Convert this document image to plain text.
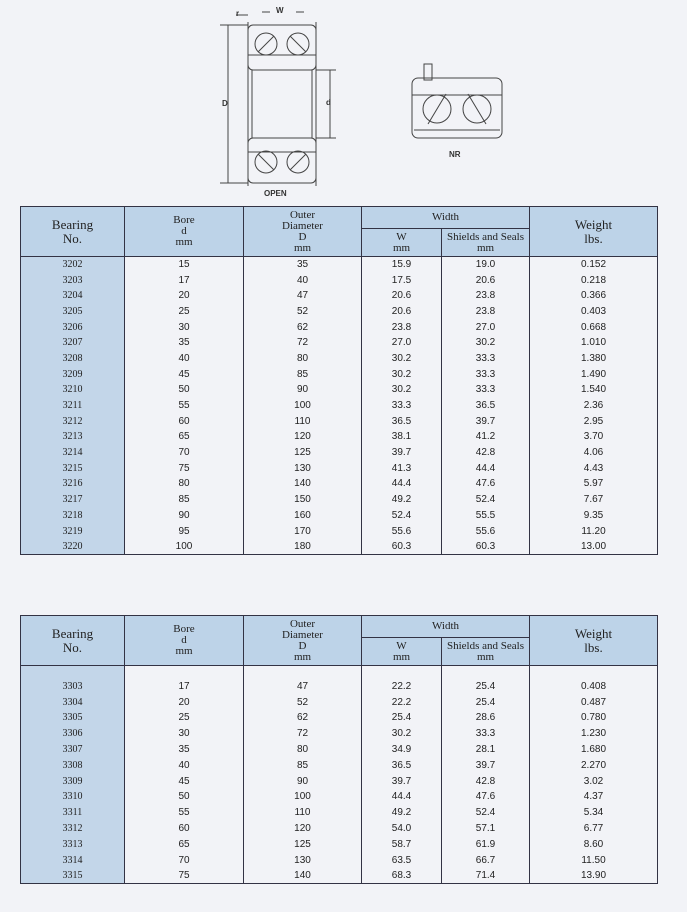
r	W
D	d
OPEN
NR
Bearing
No.	Bore
d
mm	Outer
Diameter
D
mm	Width		Weight
lbs.
			W
mm	Shields and Seals
mm	
3202	15	35	15.9	19.0	0.152
3203	17	40	17.5	20.6	0.218
3204	20	47	20.6	23.8	0.366
3205	25	52	20.6	23.8	0.403
3206	30	62	23.8	27.0	0.668
3207	35	72	27.0	30.2	1.010
3208	40	80	30.2	33.3	1.380
3209	45	85	30.2	33.3	1.490
3210	50	90	30.2	33.3	1.540
3211	55	100	33.3	36.5	2.36
3212	60	110	36.5	39.7	2.95
3213	65	120	38.1	41.2	3.70
3214	70	125	39.7	42.8	4.06
3215	75	130	41.3	44.4	4.43
3216	80	140	44.4	47.6	5.97
3217	85	150	49.2	52.4	7.67
3218	90	160	52.4	55.5	9.35
3219	95	170	55.6	55.6	11.20
3220	100	180	60.3	60.3	13.00
Bearing
No.	Bore
d
mm	Outer
Diameter
D
mm	Width		Weight
lbs.
			W
mm	Shields and Seals
mm	

3303	17	47	22.2	25.4	0.408
3304	20	52	22.2	25.4	0.487
3305	25	62	25.4	28.6	0.780
3306	30	72	30.2	33.3	1.230
3307	35	80	34.9	28.1	1.680
3308	40	85	36.5	39.7	2.270
3309	45	90	39.7	42.8	3.02
3310	50	100	44.4	47.6	4.37
3311	55	110	49.2	52.4	5.34
3312	60	120	54.0	57.1	6.77
3313	65	125	58.7	61.9	8.60
3314	70	130	63.5	66.7	11.50
3315	75	140	68.3	71.4	13.90
